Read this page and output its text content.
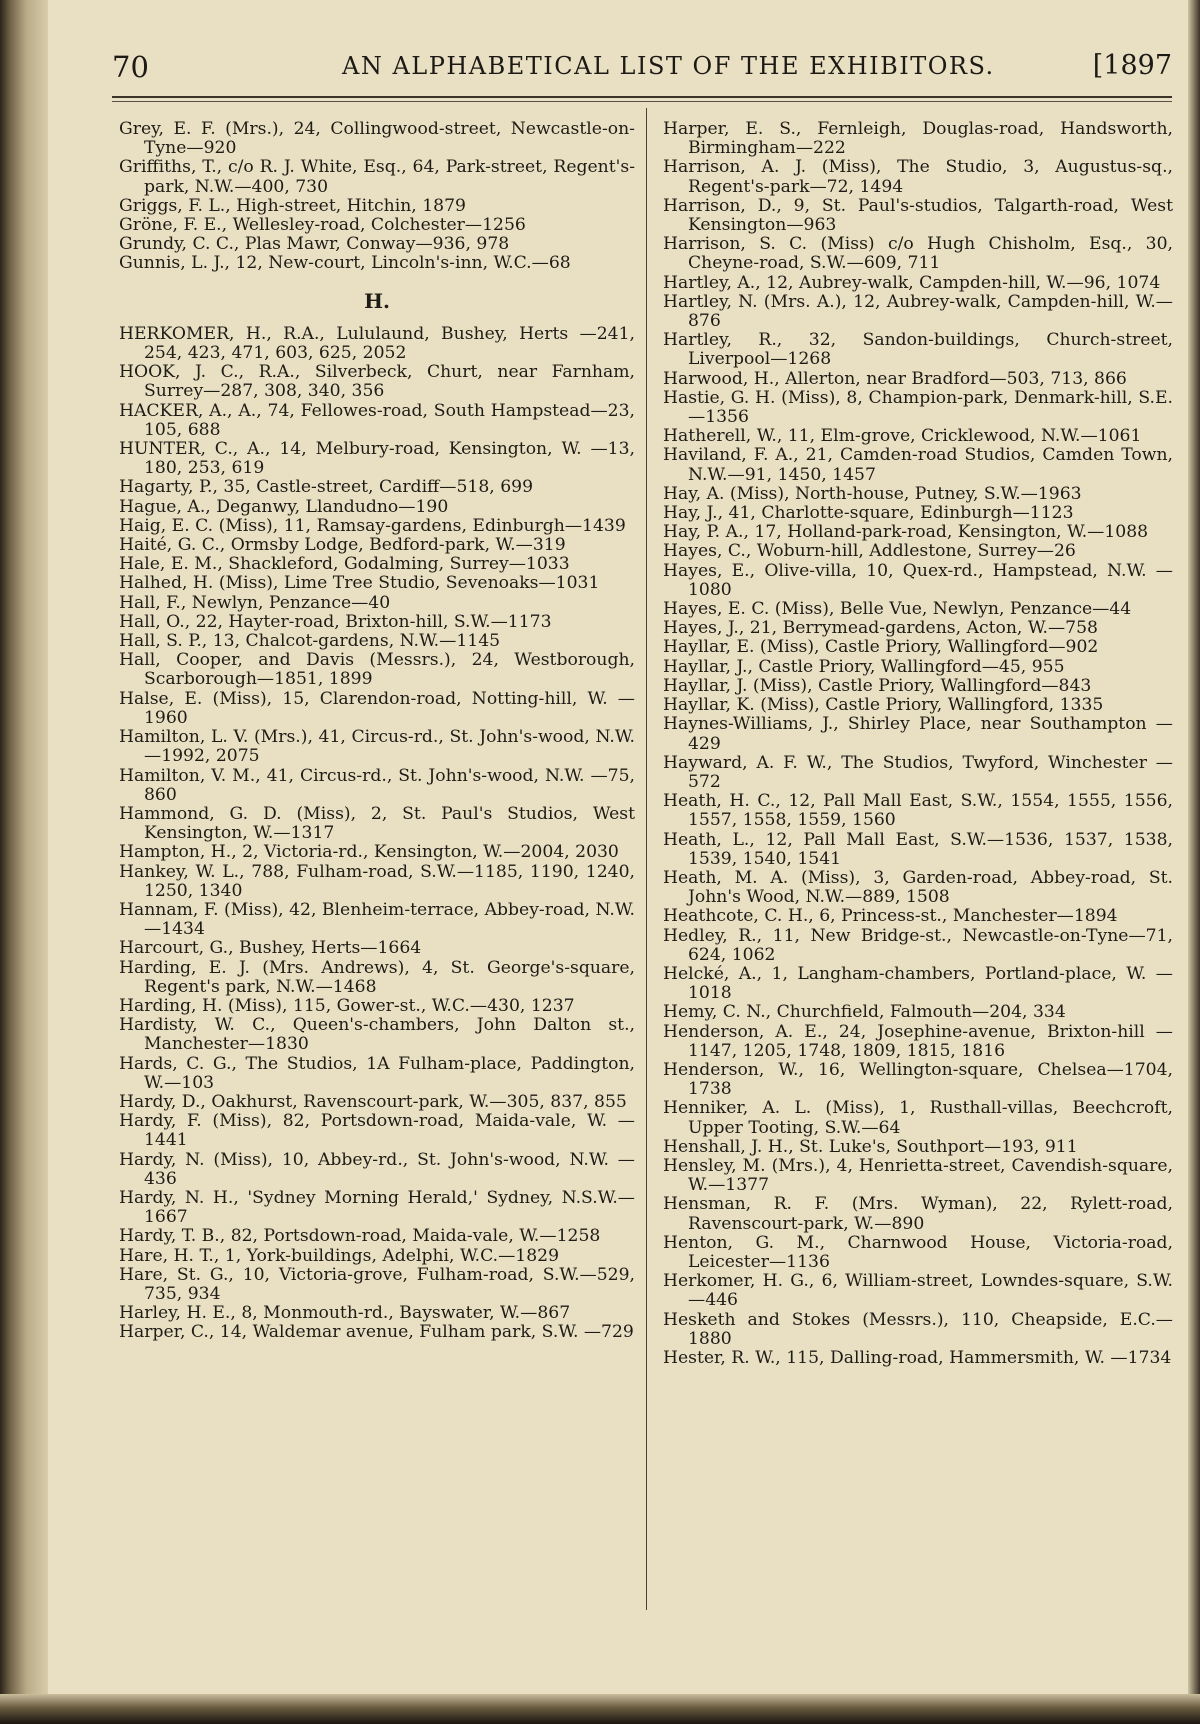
70	AN ALPHABETICAL LIST OF THE EXHIBITORS.	[1897
Grey, E. F. (Mrs.), 24, Collingwood-street, Newcastle-on-Tyne—920
Griffiths, T., c/o R. J. White, Esq., 64, Park-street, Regent's-park, N.W.—400, 730
Griggs, F. L., High-street, Hitchin, 1879
Gröne, F. E., Wellesley-road, Colchester—1256
Grundy, C. C., Plas Mawr, Conway—936, 978
Gunnis, L. J., 12, New-court, Lincoln's-inn, W.C.—68
H.
HERKOMER, H., R.A., Lululaund, Bushey, Herts —241, 254, 423, 471, 603, 625, 2052
HOOK, J. C., R.A., Silverbeck, Churt, near Farnham, Surrey—287, 308, 340, 356
HACKER, A., A., 74, Fellowes-road, South Hampstead—23, 105, 688
HUNTER, C., A., 14, Melbury-road, Kensington, W. —13, 180, 253, 619
Hagarty, P., 35, Castle-street, Cardiff—518, 699
Hague, A., Deganwy, Llandudno—190
Haig, E. C. (Miss), 11, Ramsay-gardens, Edinburgh—1439
Haité, G. C., Ormsby Lodge, Bedford-park, W.—319
Hale, E. M., Shackleford, Godalming, Surrey—1033
Halhed, H. (Miss), Lime Tree Studio, Sevenoaks—1031
Hall, F., Newlyn, Penzance—40
Hall, O., 22, Hayter-road, Brixton-hill, S.W.—1173
Hall, S. P., 13, Chalcot-gardens, N.W.—1145
Hall, Cooper, and Davis (Messrs.), 24, Westborough, Scarborough—1851, 1899
Halse, E. (Miss), 15, Clarendon-road, Notting-hill, W. —1960
Hamilton, L. V. (Mrs.), 41, Circus-rd., St. John's-wood, N.W.—1992, 2075
Hamilton, V. M., 41, Circus-rd., St. John's-wood, N.W. —75, 860
Hammond, G. D. (Miss), 2, St. Paul's Studios, West Kensington, W.—1317
Hampton, H., 2, Victoria-rd., Kensington, W.—2004, 2030
Hankey, W. L., 788, Fulham-road, S.W.—1185, 1190, 1240, 1250, 1340
Hannam, F. (Miss), 42, Blenheim-terrace, Abbey-road, N.W.—1434
Harcourt, G., Bushey, Herts—1664
Harding, E. J. (Mrs. Andrews), 4, St. George's-square, Regent's park, N.W.—1468
Harding, H. (Miss), 115, Gower-st., W.C.—430, 1237
Hardisty, W. C., Queen's-chambers, John Dalton st., Manchester—1830
Hards, C. G., The Studios, 1A Fulham-place, Paddington, W.—103
Hardy, D., Oakhurst, Ravenscourt-park, W.—305, 837, 855
Hardy, F. (Miss), 82, Portsdown-road, Maida-vale, W. —1441
Hardy, N. (Miss), 10, Abbey-rd., St. John's-wood, N.W. —436
Hardy, N. H., 'Sydney Morning Herald,' Sydney, N.S.W.—1667
Hardy, T. B., 82, Portsdown-road, Maida-vale, W.—1258
Hare, H. T., 1, York-buildings, Adelphi, W.C.—1829
Hare, St. G., 10, Victoria-grove, Fulham-road, S.W.—529, 735, 934
Harley, H. E., 8, Monmouth-rd., Bayswater, W.—867
Harper, C., 14, Waldemar avenue, Fulham park, S.W. —729
Harper, E. S., Fernleigh, Douglas-road, Handsworth, Birmingham—222
Harrison, A. J. (Miss), The Studio, 3, Augustus-sq., Regent's-park—72, 1494
Harrison, D., 9, St. Paul's-studios, Talgarth-road, West Kensington—963
Harrison, S. C. (Miss) c/o Hugh Chisholm, Esq., 30, Cheyne-road, S.W.—609, 711
Hartley, A., 12, Aubrey-walk, Campden-hill, W.—96, 1074
Hartley, N. (Mrs. A.), 12, Aubrey-walk, Campden-hill, W.—876
Hartley, R., 32, Sandon-buildings, Church-street, Liverpool—1268
Harwood, H., Allerton, near Bradford—503, 713, 866
Hastie, G. H. (Miss), 8, Champion-park, Denmark-hill, S.E.—1356
Hatherell, W., 11, Elm-grove, Cricklewood, N.W.—1061
Haviland, F. A., 21, Camden-road Studios, Camden Town, N.W.—91, 1450, 1457
Hay, A. (Miss), North-house, Putney, S.W.—1963
Hay, J., 41, Charlotte-square, Edinburgh—1123
Hay, P. A., 17, Holland-park-road, Kensington, W.—1088
Hayes, C., Woburn-hill, Addlestone, Surrey—26
Hayes, E., Olive-villa, 10, Quex-rd., Hampstead, N.W. —1080
Hayes, E. C. (Miss), Belle Vue, Newlyn, Penzance—44
Hayes, J., 21, Berrymead-gardens, Acton, W.—758
Hayllar, E. (Miss), Castle Priory, Wallingford—902
Hayllar, J., Castle Priory, Wallingford—45, 955
Hayllar, J. (Miss), Castle Priory, Wallingford—843
Hayllar, K. (Miss), Castle Priory, Wallingford, 1335
Haynes-Williams, J., Shirley Place, near Southampton —429
Hayward, A. F. W., The Studios, Twyford, Winchester —572
Heath, H. C., 12, Pall Mall East, S.W., 1554, 1555, 1556, 1557, 1558, 1559, 1560
Heath, L., 12, Pall Mall East, S.W.—1536, 1537, 1538, 1539, 1540, 1541
Heath, M. A. (Miss), 3, Garden-road, Abbey-road, St. John's Wood, N.W.—889, 1508
Heathcote, C. H., 6, Princess-st., Manchester—1894
Hedley, R., 11, New Bridge-st., Newcastle-on-Tyne—71, 624, 1062
Helcké, A., 1, Langham-chambers, Portland-place, W. —1018
Hemy, C. N., Churchfield, Falmouth—204, 334
Henderson, A. E., 24, Josephine-avenue, Brixton-hill —1147, 1205, 1748, 1809, 1815, 1816
Henderson, W., 16, Wellington-square, Chelsea—1704, 1738
Henniker, A. L. (Miss), 1, Rusthall-villas, Beechcroft, Upper Tooting, S.W.—64
Henshall, J. H., St. Luke's, Southport—193, 911
Hensley, M. (Mrs.), 4, Henrietta-street, Cavendish-square, W.—1377
Hensman, R. F. (Mrs. Wyman), 22, Rylett-road, Ravenscourt-park, W.—890
Henton, G. M., Charnwood House, Victoria-road, Leicester—1136
Herkomer, H. G., 6, William-street, Lowndes-square, S.W.—446
Hesketh and Stokes (Messrs.), 110, Cheapside, E.C.—1880
Hester, R. W., 115, Dalling-road, Hammersmith, W. —1734
